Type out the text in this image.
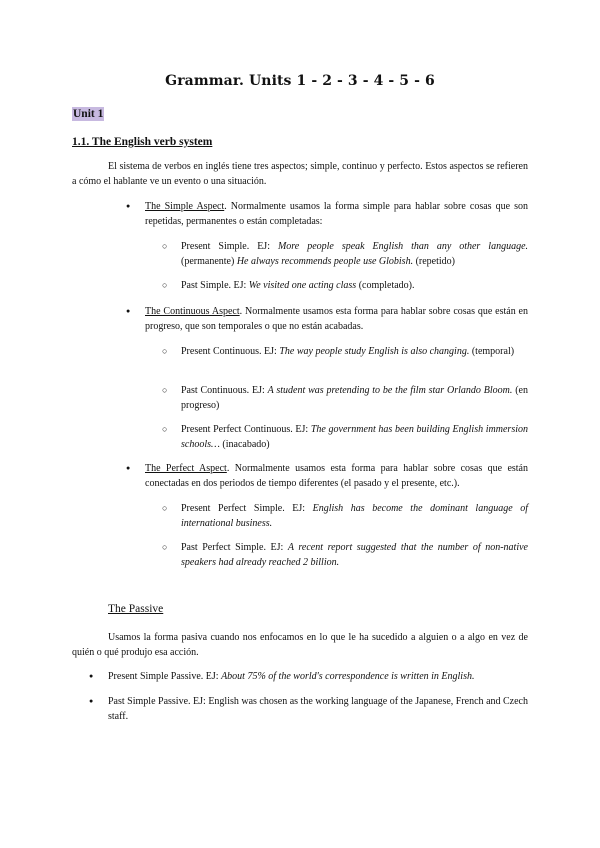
Grammar. Units 1 - 2 - 3 - 4 - 5 - 6
Unit 1
1.1. The English verb system
El sistema de verbos en inglés tiene tres aspectos; simple, continuo y perfecto. Estos aspectos se refieren a cómo el hablante ve un evento o una situación.
● The Simple Aspect. Normalmente usamos la forma simple para hablar sobre cosas que son repetidas, permanentes o están completadas:
○ Present Simple. EJ: More people speak English than any other language. (permanente) He always recommends people use Globish. (repetido)
○ Past Simple. EJ: We visited one acting class (completado).
● The Continuous Aspect. Normalmente usamos esta forma para hablar sobre cosas que están en progreso, que son temporales o que no están acabadas.
○ Present Continuous. EJ: The way people study English is also changing. (temporal)
○ Past Continuous. EJ: A student was pretending to be the film star Orlando Bloom. (en progreso)
○ Present Perfect Continuous. EJ: The government has been building English immersion schools… (inacabado)
● The Perfect Aspect. Normalmente usamos esta forma para hablar sobre cosas que están conectadas en dos periodos de tiempo diferentes (el pasado y el presente, etc.).
○ Present Perfect Simple. EJ: English has become the dominant language of international business.
○ Past Perfect Simple. EJ: A recent report suggested that the number of non-native speakers had already reached 2 billion.
The Passive
Usamos la forma pasiva cuando nos enfocamos en lo que le ha sucedido a alguien o a algo en vez de quién o qué produjo esa acción.
● Present Simple Passive. EJ: About 75% of the world's correspondence is written in English.
● Past Simple Passive. EJ: English was chosen as the working language of the Japanese, French and Czech staff.
